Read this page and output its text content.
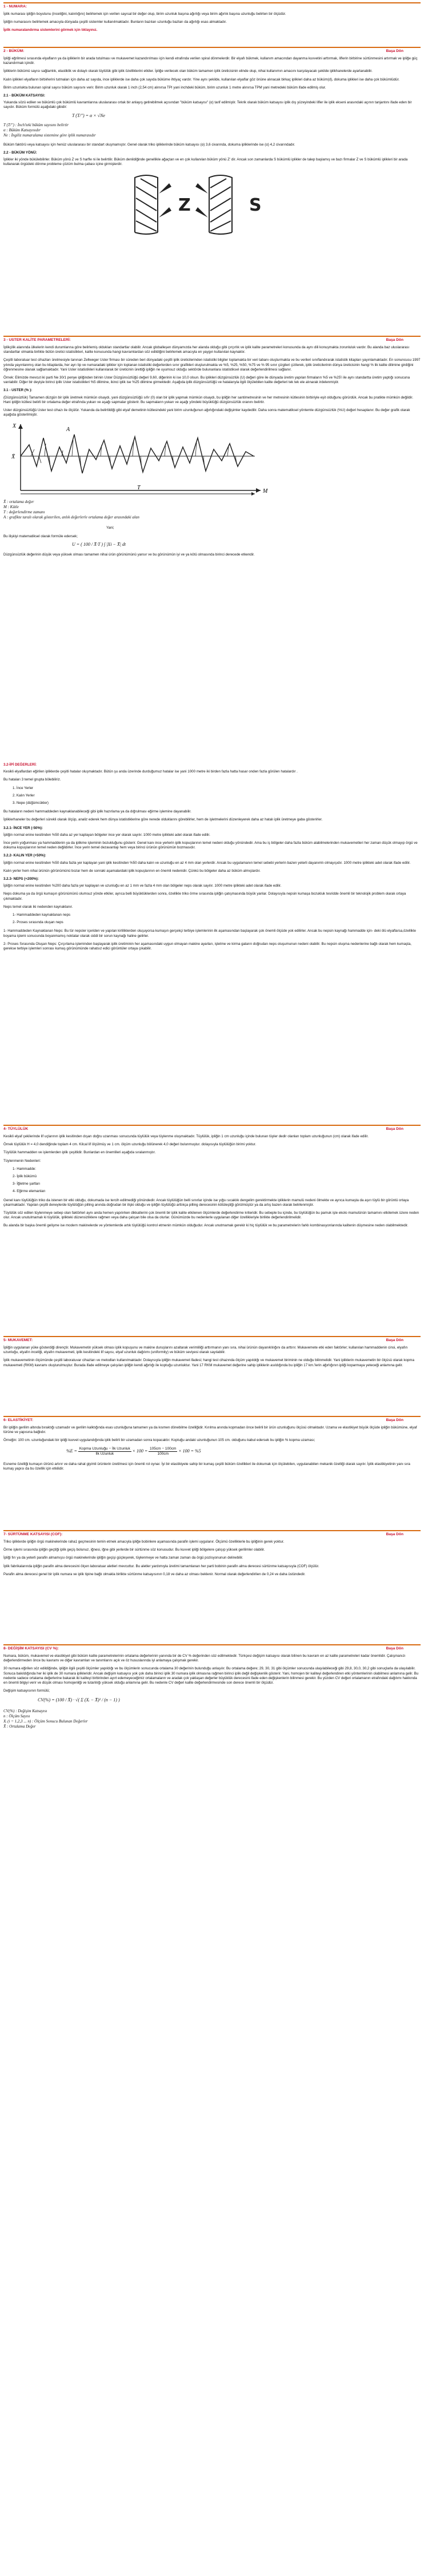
1 - NUMARA:

İplik numarası ipliğin boyutunu (inceliğini, kalınlığını) belirlemek için verilen sayısal bir değer olup, birim uzunluk başına ağırlığı veya birim ağırlık başına uzunluğu belirten bir ölçüdür.

İpliğin numarasını belirlemek amacıyla dünyada çeşitli sistemler kullanılmaktadır. Bunların bazıları uzunluğu bazları da ağırlığı esas almaktadır.

İplik numaralandırma sistemlerini görmek için tıklayınız.

2 - BÜKÜM:	Başa Dön

İpliği eğrilmesi sırasında elyafların ya da ipliklerin bir arada tutulması ve mukavemet kazandırılması için kendi etrafında verilen spiral dönmelerdir. Bir elyafı bükmek, kullanım amacından dayanma kuvvetini arttırmak, liflerin birbirine sürtünmesini artırmak ve ipliğe güç kazandırmak içindir.

İpliklerin bükümü sayısı sağlamlık, elastiklik ve dolaylı olarak tüylülük gibi iplik özelliklerini etkiler. İpliğe verilecek olan büküm tamamen iplik üreticisinin elinde olup, nihai kullanımın amacını karşılayacak şekilde iplikhanelerde ayarlanabilir.

Kalın iplikleri elyafların birbirlerini tutmaları için daha az sayıda, ince ipliklerde ise daha çok sayıda büküme ihtiyaç vardır. Yine aynı şekilde, kullanılan elyaflar göz önüne alınacak birkaç iplikleri daha az büküm(d), dokuma iplikleri ise daha çok bükümlüdür.

Birim uzunlukta bulunan spiral sayısı büküm sayısını verir. Birim uzunluk olarak 1 inch (2,54 cm) alınırsa TPI yani inchdeki büküm, birim uzunluk 1 metre alınırsa TPM yani metredeki büküm ifade edilmiş olur.

2.1 - BÜKÜM KATSAYISI:

Yukarıda sözü edilen ve bükümlü çok bükümlü kavramlarına uluslararası ortak bir anlayış getirebilmek açısından "büküm katsayısı" (α) tarif edilmiştir. Tekrik olarak büküm katsayısı iplik dış yüzeyindeki lifler ile iplik ekseni arasındaki açının tanjantını ifade eden bir sayıdır. Büküm formülü aşağıdaki gibidir:

T (T/″) = α × √Ne
T (T/″) : İnch'teki büküm sayısını belirtir
α : Büküm Katsayısıdır
Ne : İngiliz numaralama sistemine göre iplik numarasıdır

Büküm faktörü veya katsayısı için henüz uluslararası bir standart oluşmamıştır. Genel olarak triko ipliklerinde büküm katsayısı (α) 3,6 civarında, dokuma ipliklerinde ise (α) 4,2 civarındadır.

2.2 - BÜKÜM YÖNÜ:

İplikler iki yönde bükülebilirler. Büküm yönü Z ve S harfle ni ile belirtilir. Büküm denildiğinde genellikle ağaçtan ve en çok kullanılan büküm yönü Z' dir. Ancak son zamanlarda S bükümlü iplikler de talep başlamış ve bazı firmalar Z ve S bükümlü iplikleri bir arada kullanarak örgüdeki dönme probleme çözüm bulma çabası içine girmişlerdir.

Z	S
3 - USTER KALİTE PARAMETRELERİ:	Başa Dön

İplikçilik alanında ülkelerin kendi durumlarına göre belirlemiş oldukları standartlar olabilir. Ancak globalleşen dünyamızda her alanda olduğu gibi çırçırlık ve iplik kalite parametreleri konusunda da aynı dili konuşmakta zorunluluk vardır. Bu alanda baz uluslararası standartlar olmakla birlikte bütün üretici istatistikleri, kalite konusunda hangi kavramlardan söz edildiğini belirlemek amacıyla en yaygın kullanılan kaynaktır.

Çeşitli laboratuar test cihazları üretmesiyle tanınan Zellweger Uster firması bir süreden beri dünyadaki çeşitli iplik üreticilerinden istatistiki bilgiler toplamakta bir veri tabanı oluşturmakta ve bu verileri sınıflandırarak istatistik kitapları yayınlamaktadır. En sonuncusu 1997 yılında yayınlanmış olan bu kitaplarda, her ayrı tip ve numaradaki iplikler için toplanan istatistiki değerlerden sınır grafikleri oluşturulmakta ve %5, %25, %50, %75 ve % 95 sınır çizgileri çizilerek, iplik üreticilerinin dünya üreticisinin hangi % lik kalite dilimine girdiğini öğrenmesine olanak sağlamaktadır. Yani Uster istatistikleri kullanılarak bir üreticinin ürettiği ipliğin ne uyumsuz olduğu sektörde bulunanlara istatistiksel olarak değerlendirilmesi sağlanır.

Örnek: Elimizde mevcut iki parti Ne 30/1 penye ipliğinden birinin Uster Düzgünsüzlüğü değeri 9,60, diğerinin ki ise 10,0 olsun. Bu iplikleri düzgünsüzlük (U) değeri göre ile dünyada üretim yapılan firmaların %5 ve %25'i ile aynı standartta üretim yaptığı sonucuna varılabilir. Diğer bir deyişle birinci iplik Uster istatistikleri %5 dilimine, ikinci iplik ise %25 dilimine girmektedir. Aşağıda iplik düzgünsüzlüğü ve hatalarıyla ilgili ölçülebilen kalite değerleri tek tek ele alınarak irdelenmiştir.

3.1 - USTER (% ):

(Düzgünsüzlük) Tamamen düzgün bir iplik üretmek mümkün olsaydı, yani düzgünsüzlüğü sıfır (0) olan bir iplik yapmak mümkün olsaydı, bu ipliğin her santimetresinin ve her metresinin kütlesinin birbiriyle eşit olduğunu görürdük. Ancak bu pratikte mümkün değildir. Hani ipliğin kütlesi belirli bir ortalama değer etrafında yukarı ve aşağı sapmalar gösterir. Bu sapmaların yukarı ve aşağı yöndeki büyüklüğü düzgünsüzlük oranını belirtir.

Uster düzgünsüzlüğü Uster test cihazı ile ölçülür. Yukarıda da belirtildiği gibi elyaf demetinin kütlesindeki yani birim uzunluğunun ağırlığındaki değişimler kaydedilir. Daha sonra matematiksel yöntemle düzgünsüzlük (%U) değeri hesaplanır. Bu değer grafik olarak aşağıda gösterilmiştir.

X
A
X̄
T
M
X̄ : ortalama değer
M : Kütle
T : değerlendirme zamanı
A : grafikte taralı olarak gösterilen, anlık değerlerle ortalama değer arasındaki alan
Yani;

Bu ilişkiyi matematiksel olarak formüle edersek;

U = ( 100 / X̄·T ) ∫ |Xi − X̄| dt

Düzgünsüzlük değerinin düşük veya yüksek olması tamamen nihai ürün görünümünü yansır ve bu görünümün iyi ve ya kötü olmasında birinci derecede etkendir.

3.2-İPİ DEĞERLERİ:

Kesikli elyaflardan eğirilen ipliklerde çeşitli hatalar oluşmaktadır. Bütün şu anda üzerinde durduğumuz hatalar ise yani 1000 metre iki birden fazla hatta hasar onden fazla görülen hatalardır .

Bu hataları 3 temel grupta bölebiliriz.

1. İnce Yerler
2. Kalın Yerler
3. Nepe (düğümcükler)

Bu hataların nedeni hammaddeden kaynaklanabileceği gibi iplik hazırlama ya da dığrulması eğirme işlemine dayanabilir.

İpliklerhaneler bu değerleri sürekli olarak ölçüp, analiz ederek hem dünya istatistiklerine göre nerede olduklarını görebilirler, hem de işletmelerini düzenleyerek daha az hatalı iplik üretmeye gaba gösterirler.

3.2.1- İNCE YER (-50%):

İpliğin normal enine kesitinden %50 daha az yer kaplayan bölgeler ince yer olarak sayılır. 1000 metre iplikteki adet olarak ifade edilir.

İnce yerin yoğunması ya hammaddenin ya da iplikme işleminin bozukluğunu gösterir. Genel kanı ince yerlerin iplik kopuşlarının temel nedeni olduğu yönündedir. Ama bu iş bölgeler daha fazla büküm alabilmelerinden mukavemetleri her zaman düşük olmayıp örgü ve dokuma kopuşlarının temel neden değildirler. İnce yerin temel dezavantajı hem veya birinci ürünün görünümün bozmasıdır.

3.2.2- KALIN YER (+50%):

İpliğin normal enine kesitinden %50 daha fazla yer kaplayan yani iplik kesitinden %50 daha kalın ve uzunluğu en az 4 mm olan yerlerdir. Ancak bu uygulamanın temel sebebi yerlerin bazen yeterli dayanımlı olmayışıdır. 1000 metre iplikteki adet olarak ifade edilir.

Kalın yerler hem nihai ürünün görünümünü bozar hem de sonraki aşamalardaki iplik kopuşlarının en önemli nedenidir. Çünkü bu bölgeler daha az büküm almışlardır.

3.2.3- NEPS (+200%):

İpliğin normal enine kesitinden %200 daha fazla yer kaplayan ve uzunluğu en az 1 mm ve fazla 4 mm olan bölgeler neps olarak sayılır. 1000 metre iplikteki adet olarak ifade edilir.

Neps dokuma ya da örgü kumaşın görünümünü olumsuz yönde etkiler, ayrıca belli büyüklüklerden sonra, özellikle triko örme sırasında ipliğin çatışmasında büyük yanlar. Dolayısıyla nepsin kumaşa bozukluk tesridde önemli bir teknolojik problem olarak ortaya çıkmaktadır.

Neps temel olarak iki nedenden kaynaklanır.

1- Hammaddeden kaynaklanan neps
2- Proses sırasında oluşan neps

1- Hammaddeden Kaynaklanan Neps: Bu tür nepsler içeriden ve yapılan kirliliklerden oluşuyorsa kumaşın gerçekçi terbiye işlemlerinin ilk aşamasından başlayarak çok önemli ölçüde yok edilirler. Ancak bu nepsin kaynağı hammadde için- deki ölü elyaflarsa,özellikle boyama işlemi sonucunda boyanmamış noktalar olarak ciddi bir sorun kaynağı haline gelirler.

2- Proses Sırasında Oluşan Neps: Çırçırlama işleminden başlayarak iplik üretiminin her aşamasındaki uygun olmayan makine ayarları, işletme ve kirma gaların doğrudan neps oluşumunun nedeni olabilir. Bu nepsin oluşma nedenlerine bağlı olarak hem kumaşta, gerekse terbiye işlemleri sonrası kumaş görünümünde rahatsız edici görüntüler ortaya çıkabilir.

4- TÜYLÜLÜK	Başa Dön

Kesikli elyaf çekilerinde lif uçlarının iplik kesitinden dışarı doğru uzanması sonucunda tüylülük veya tüylenme oluşmaktadır. Tüylülük, ipliğin 1 cm uzunluğu içinde bulunan tüyler dedir olanları toplam uzunluğunun (cm) olarak ifade edilir.

Örnek tüylülük H = 4,0 dendiğinde toplam 4 cm. Kilcal lif ölçülmüş ve 1 cm. ölçüm uzunluğu bölünerek 4,0 değeri bulunmuştur. dolayısıyla tüylülüğün birimi yoktur.

Tüylülük hammadden ve işlemlerden iplik çeşitlidir. Bunlardan en önemlileri aşağıda sıralanmıştır.

Tüylenmenin Nedenleri:

1- Hammadde:
2- İplik bükümü
3- İğletme şartları
4- Eğirme elemanları

Genel kanı tüylülüğün triko da istenen bir etki olduğu, dokumada ise tercih edilmediği yönündedir. Ancak tüylülüğün belli sınırlar içinde ise yığsı sıcaklık dengelim gerektirmekte ipliklerin mamulü nedeni ölmekte ve ayrıca kumaşta da aşırı tüylü bir görüntü ortaya çıkarmaktadır. Yapılan çeşitli deneylerde tüylülüğün pilling anında doğrudan bir ilişki olduğu ve ipliğin tüylülüğü arttıkça pilling derecesinin kötüleştiği görülmüştür ya da artış bazen olarak belirlenmiştir.

Tüylülük söz edilen tüylenmeye sebep olan faktörleri aynı anda hemen yapılırken dikkatlerini çok önemli bir iplik kalite etkilenen ölçümlerde değerlendirme kriteridir. Bu sebeple bu içinde, bu tüylülüğün bu pamuk işle ekolo mamulünün tamamını etkilemek üzere neden olur. Ancak unutulmamalı ki tüylülük, iplikteki düzensizliklere rağmen veya daha çalışan bile olsa da olurlar. Günümüzde bu nedenlerle uygulanan diğer özellikleriyle birlikte değerlendirilmelidir.

Bu alanda bir başka önemli gelişme ise modern makinelerde ve yöntemlerde artık tüylülüğü kontrol etmenin mümkün olduğudur. Ancak unutmamak gerekir ki hiç tüylülük ve bu parametrelerin farklı kombinasyonlarında kalitenin düşmesine neden olabilmektedir.

5- MUKAVEMET:	Başa Dön

İpliğin uygulanan yüke gösterdiği dirençtir. Mukavemetin yüksek olması iplik kopuşunu ve makine duruşlarını azaltarak verimliliği arttırmanın yanı sıra, nihai ürünün dayanıklılığını da arttırır. Mukavemete etki eden faktörler; kullanılan hammaddenin cinsi, elyafın uzunluğu, elyafın inceliği, elyafın mukavemeti, iplik kesitindeki lif sayısı, elyaf uzunluk dağılımı (uniformity) ve büküm seviyesi olarak sayılabilir.

İplik mukavemetinin ölçümünde çeşitli laboratuvar cihazları ve metodları kullanılmaktadır. Dolayısıyla ipliğin mukavemet ifadesi; hangi test cihazında ölçüm yapıldığı ve mukavemet biriminin ne olduğu bilinmelidir. Yani ipliklerin mukavemetin bir ölçüsü olarak kopma mukavemeti (RKM) kavramı oluşturulmuştur. Burada ifade edilmeye çalışılan ipliğin kendi ağırlığı ile koptuğu uzunluktur. Yani 17 RKM mukavemet değerine sahip ipliklerin asıldığında bu ipliğin 17 km.'lerin ağırlığının ipliği koparmaya yeteceği anlamına gelir.

6- ELASTİKİYET:	Başa Dön

Bir ipliğin gerilim altında bıraktığı uzamadır ve gerilim kalktığında esas uzunluğuna tamamen ya da kısmen dönebilme özelliğidir. Kırılma anında kopmadan önce belirli bir ürün uzunluğunu ölçüsü olmaktadır. Uzama ve elastikiyet büyük ölçüde ipliğin bükümüne, elyaf türüne ve yapısına bağlıdır.

Örneğin: 100 cm. uzunluğundaki bir ipliği kuvvet uygulandığında iplik belirli bir uzamadan sonra kopacaktır. Koptuğu andaki uzunluğunun 105 cm. olduğunu kabul edersek bu ipliğin % kopma uzaması;

$\%E = \frac{\text{Kopma Uzunluğu − İlk Uzunluk}}{\text{İlk Uzunluk}} \times 100 = \frac{105cm - 100cm}{100cm} \times 100 = \%5$

Esneme özelliği kumaşın ütrünü artırır ve daha rahat giyimli ürünlerin üretilmesi için önemli rol oynar. İyi bir elastikiyete sahip bir kumaş çeşitli büküm özellikleri ile dokumak için ölçülebilen, uygulanabilen mekanik özelliği olarak sayılır. İplik elastikiyetinin yanı sıra kumaş yapısı da bu özellik için etkilidir.

7- SÜRTÜNME KATSAYISI (COF):	Başa Dön

Triko ipliklerde ipliğin örgü makinelerinde raha1 geçmesinin temin etmek amacıyla ipliğe bobinlere aşamasında parafin işlemi uygulanır. Ölçümü özelliklerle bu ipliğinin gerek yoktur.

Örme işlemi sırasında ipliğin geçtiği iplik geçiş bolunuz, iğnesi, iğne gibi yerlerde bir sürtünme söz konusudur. Bu kuvvet ipliği bölgelere çalışıp yüksek gerilimler olabilir.

İpliği fırı ya da yeterli parafin almamışsı örgü makinelerinde ipliğin geçişi güçleşerek, tüylenmeye ve hatta zaman zaman da örgü pozisyonunun delinebilir.

İplik fabrikalarında ipliğin parafin alma derecesini ölçen laboratuar aletleri mevcuttur. Bu aletler yardımıyla üretimi tamamlanan her parti bobinin parafin alma derecesi sürtünme katsayısıyla (COF) ölçülür.

Parafin alma derecesi genel bir iplik numara ve iplik tipine bağlı olmakla birlikte sürtünme katsayısının 0,18 ve daha az olması beklenir. Normal olarak değerlendirilen de 0,24 ve daha üstündedir.

8- DEĞİŞİM KATSAYISI (CV %):	Başa Dön

Numara, büküm, mukavemet ve elastikiyet gibi büküm kalite parametrelerinin ortalama değerlerinin yanında bir de CV % değerinden söz edilmektedir. Türkçesi değişim katsayısı olarak bilinen bu kavram en az kalite parametreleri kadar önemlidir. Çalışmanızı değerlendirmeden önce bu kavramı ve diğer kavramları ve tanımlarını açık ve öz hususlarında iyi anlamaya çalışmak gerekir.

30 numara eğirilen söz edildiğinde, ipliğin ilgili çeşitli ölçümler yapıldığı ve bu ölçümlerin sonucunda ortalama 30 değerinin bulunduğu anlaşılır. Bu ortalama değere; 29, 30, 31 gibi ölçümler sonucunda ulaşılabileceği gibi 29,8, 30,0, 30,2 gibi sonuçlarla da ulaşılabilir. Sonuca bakıldığında her iki iplik de 30 numara iplikleridir. Ancak değişim katsayısı yok çok daha birinci iplik 30 numara iplik olmasına rağmen birinci iplik değil değişkenlik gösterir. Yani, homojen bir kaliteyi değerlendiren etki yöntemlerinin olabilmesi anlamına gelir. Bu nedenle sadece ortalama değerlerine bakarak iki kaliteyi birbirinden ayırt edemeyeceğimiz ortalamaların ve aradak çok yaklaşan değerler büyüklük derecesini ifade eden değişkenlerin bilinmesi gerekir. Bu yüzden CV değeri ortalamanın etrafındaki dağılımı hakkında en önemli bilgiyi verir ve düşük olması homojenliği ve tutarlılığı yüksek olduğu anlamına gelir. Bu nedenle CV değeri kalite değerlendirmesinde son derece önemli bir ölçüdür.

Değişim katsayısının formülü;

CV(%) = (100 / X̄) · √( Σ (Xᵢ − X̄)² / (n − 1) )
CV(%) : Değişim Katsayısı
n : Ölçüm Sayısı
Xᵢ (i = 1,2,3 ... n) : Ölçüm Sonucu Bulunan Değerler
X̄ : Ortalama Değer
